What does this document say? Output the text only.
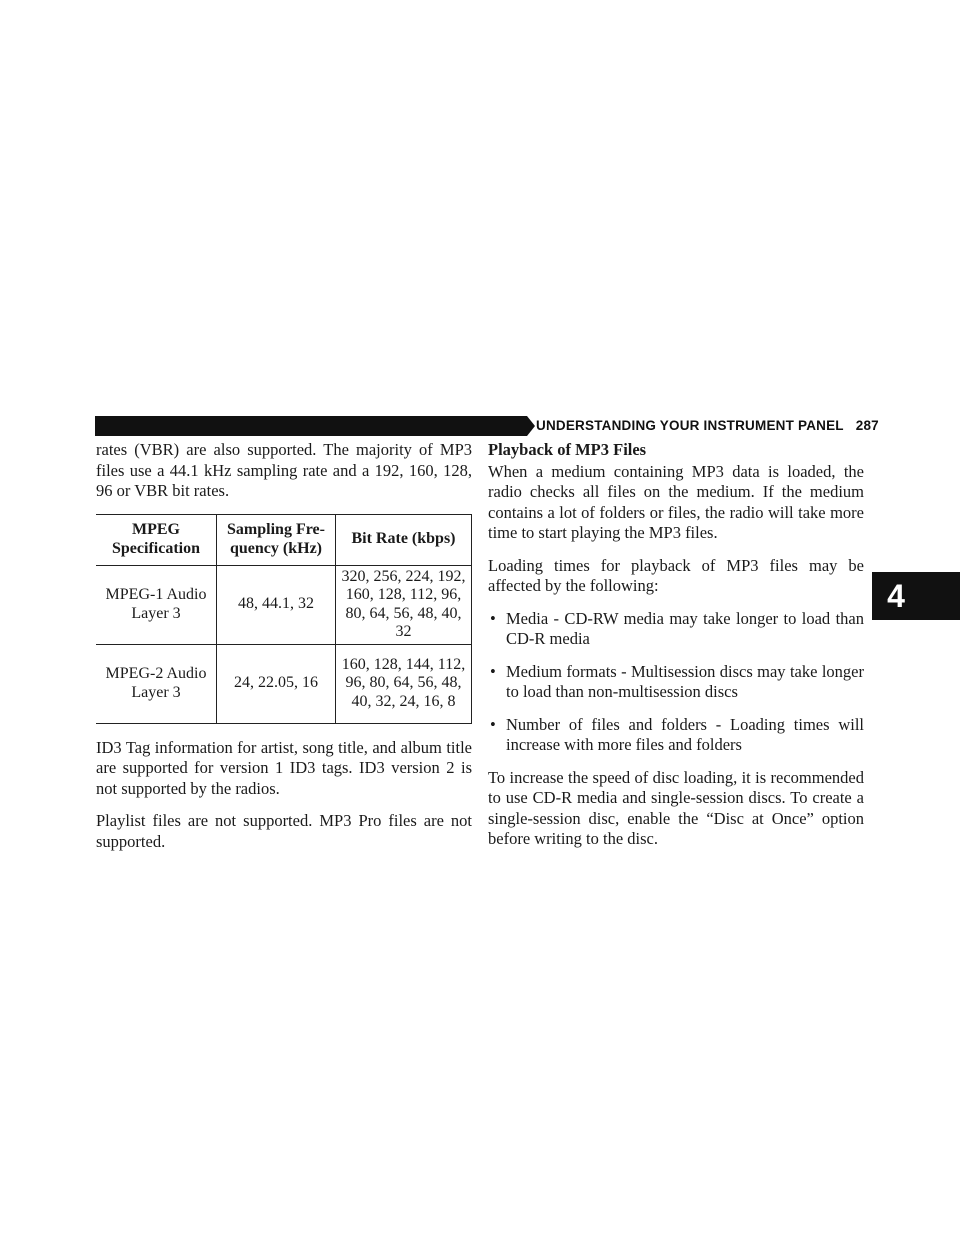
UNDERSTANDING YOUR INSTRUMENT PANEL 287
4

rates (VBR) are also supported. The majority of MP3 files use a 44.1 kHz sampling rate and a 192, 160, 128, 96 or VBR bit rates.

MPEG Specification	Sampling Fre- quency (kHz)	Bit Rate (kbps)
MPEG-1 Audio Layer 3	48, 44.1, 32	320, 256, 224, 192, 160, 128, 112, 96, 80, 64, 56, 48, 40, 32
MPEG-2 Audio Layer 3	24, 22.05, 16	160, 128, 144, 112, 96, 80, 64, 56, 48, 40, 32, 24, 16, 8

ID3 Tag information for artist, song title, and album title are supported for version 1 ID3 tags. ID3 version 2 is not supported by the radios.

Playlist files are not supported. MP3 Pro files are not supported.

Playback of MP3 Files

When a medium containing MP3 data is loaded, the radio checks all files on the medium. If the medium contains a lot of folders or files, the radio will take more time to start playing the MP3 files.

Loading times for playback of MP3 files may be affected by the following:

• Media - CD-RW media may take longer to load than CD-R media
• Medium formats - Multisession discs may take longer to load than non-multisession discs
• Number of files and folders - Loading times will increase with more files and folders

To increase the speed of disc loading, it is recommended to use CD-R media and single-session discs. To create a single-session disc, enable the “Disc at Once” option before writing to the disc.
